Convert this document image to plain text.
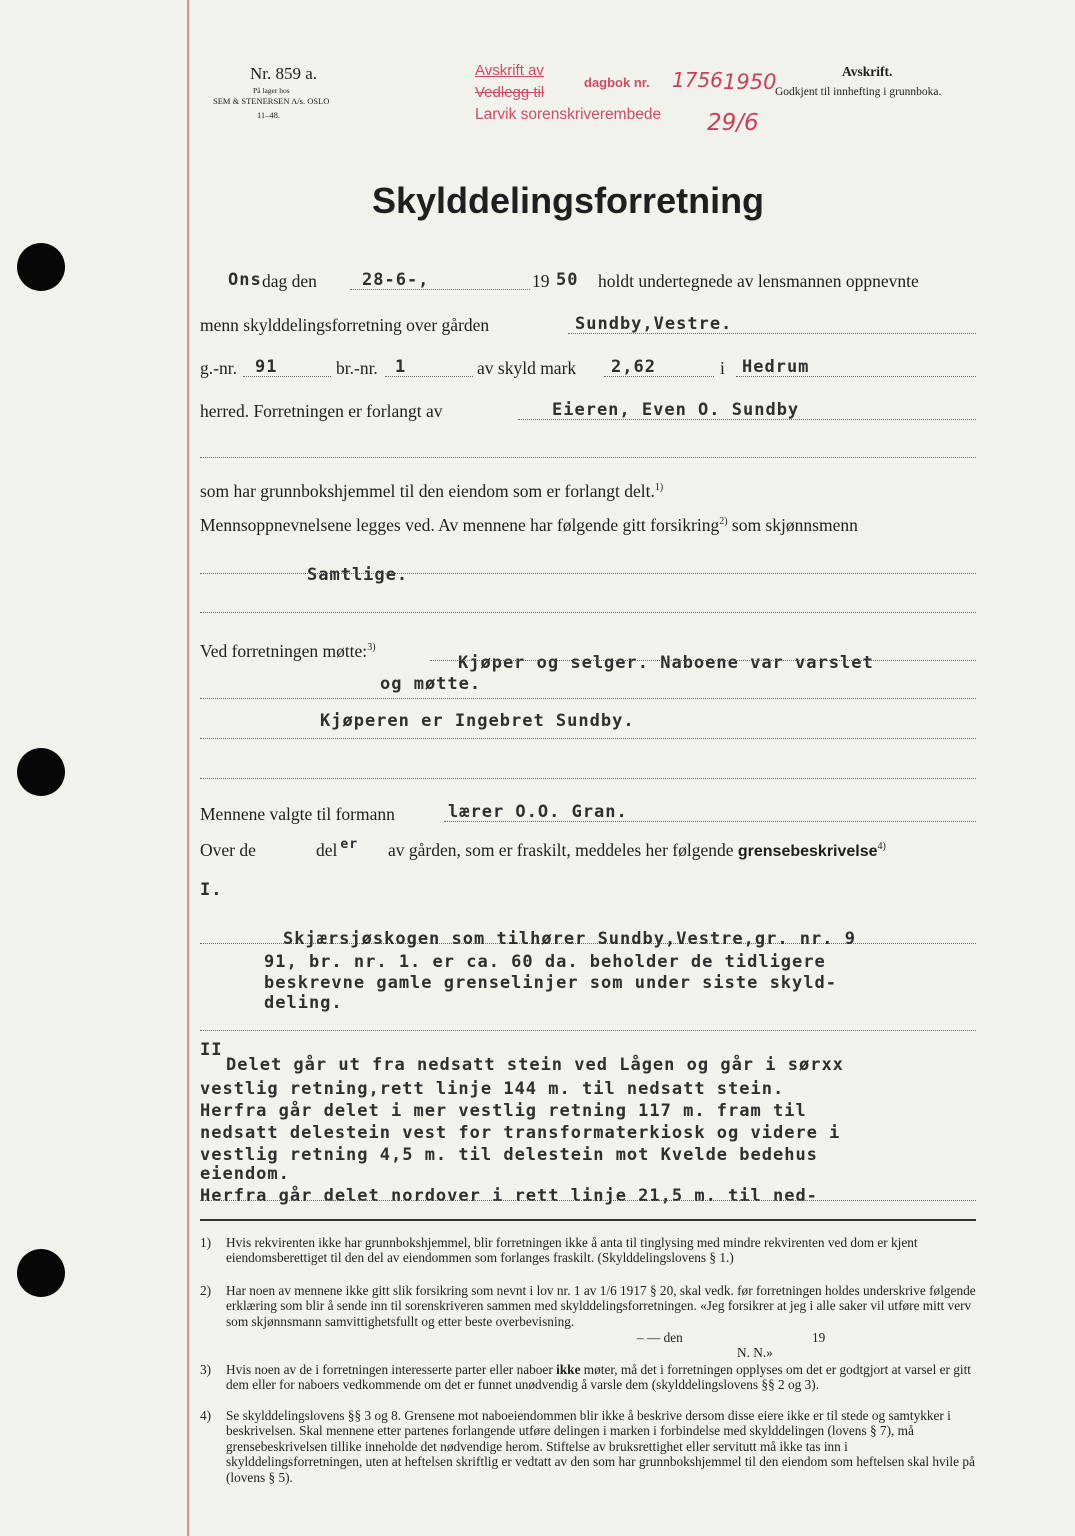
Nr. 859 a.
På lager hos
SEM & STENERSEN A/s. OSLO
11–48.
Avskrift av
dagbok nr. 1756 1950
Vedlegg til
Larvik sorenskriverembede 29/6
Avskrift.
Godkjent til innhefting i grunnboka.
Skylddelingsforretning
Ons dag den	28-6-,	19 50 holdt undertegnede av lensmannen oppnevnte
menn skylddelingsforretning over gården	Sundby,Vestre.
g.-nr. 91	br.-nr. 1	av skyld mark 2,62	i Hedrum
herred. Forretningen er forlangt av	Eieren, Even O. Sundby
som har grunnbokshjemmel til den eiendom som er forlangt delt.$^{1)}$
Mennsoppnevnelsene legges ved. Av mennene har følgende gitt forsikring$^{2)}$ som skjønnsmenn
Samtlige.
Ved forretningen møtte:$^{3)}$
Kjøper og selger. Naboene var varslet
og møtte.
Kjøperen er Ingebret Sundby.
Mennene valgte til formann	lærer O.O. Gran.
Over de	del $^{er}$ av gården, som er fraskilt, meddeles her følgende grensebeskrivelse$^{4)}$
I.
Skjærsjøskogen som tilhører Sundby,Vestre,gr. nr. 9
91, br. nr. 1. er ca. 60 da. beholder de tidligere
beskrevne gamle grenselinjer som under siste skyld-
deling.
II
Delet går ut fra nedsatt stein ved Lågen og går i sørxx
vestlig retning,rett linje 144 m. til nedsatt stein.
Herfra går delet i mer vestlig retning 117 m. fram til
nedsatt delestein vest for transformaterkiosk og videre i
vestlig retning 4,5 m. til delestein mot Kvelde bedehus
eiendom.
Herfra går delet nordover i rett linje 21,5 m. til ned-
1) Hvis rekvirenten ikke har grunnbokshjemmel, blir forretningen ikke å anta til tinglysing med mindre rekvirenten ved dom er kjent eiendomsberettiget til den del av eiendommen som forlanges fraskilt. (Skylddelingslovens § 1.)
2) Har noen av mennene ikke gitt slik forsikring som nevnt i lov nr. 1 av 1/6 1917 § 20, skal vedk. før forretningen holdes underskrive følgende erklæring som blir å sende inn til sorenskriveren sammen med skylddelingsforretningen. «Jeg forsikrer at jeg i alle saker vil utføre mitt verv som skjønnsmann samvittighetsfullt og etter beste overbevisning.
– –– den	19
N. N.»
3) Hvis noen av de i forretningen interesserte parter eller naboer ikke møter, må det i forretningen opplyses om det er godtgjort at varsel er gitt dem eller for naboers vedkommende om det er funnet unødvendig å varsle dem (skylddelingslovens §§ 2 og 3).
4) Se skylddelingslovens §§ 3 og 8. Grensene mot naboeiendommen blir ikke å beskrive dersom disse eiere ikke er til stede og samtykker i beskrivelsen. Skal mennene etter partenes forlangende utføre delingen i marken i forbindelse med skylddelingen (lovens § 7), må grensebeskrivelsen tillike inneholde det nødvendige herom. Stiftelse av bruksrettighet eller servitutt må ikke tas inn i skylddelingsforretningen, uten at heftelsen skriftlig er vedtatt av den som har grunnbokshjemmel til den eiendom som heftelsen skal hvile på (lovens § 5).
